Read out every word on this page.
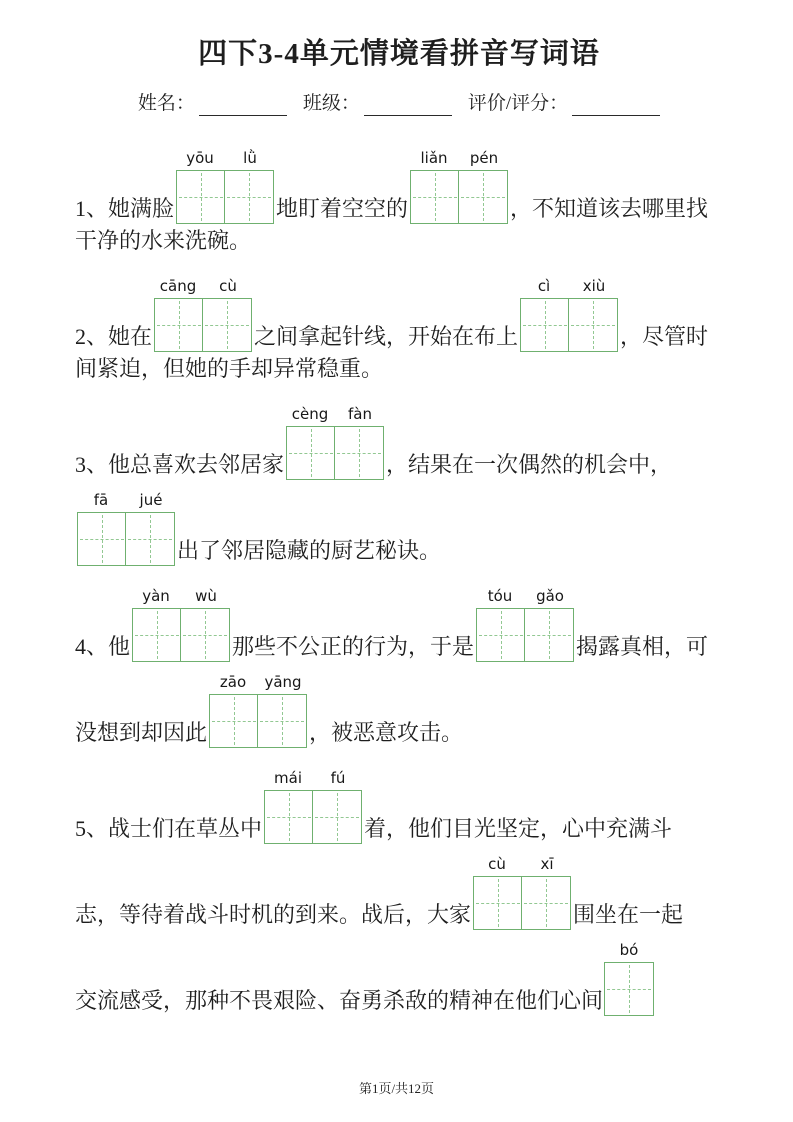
四下3-4单元情境看拼音写词语
姓名：	班级：	评价/评分：
1、她满脸
yōu	lǜ
地盯着空空的
liǎn	pén
，不知道该去哪里找
干净的水来洗碗。
2、她在
cāng	cù
之间拿起针线，开始在布上
cì	xiù
，尽管时
间紧迫，但她的手却异常稳重。
3、他总喜欢去邻居家
cèng	fàn
，结果在一次偶然的机会中，
fā	jué
出了邻居隐藏的厨艺秘诀。
4、他
yàn	wù
那些不公正的行为，于是
tóu	gǎo
揭露真相，可
没想到却因此
zāo	yāng
，被恶意攻击。
5、战士们在草丛中
mái	fú
着，他们目光坚定，心中充满斗
志，等待着战斗时机的到来。战后，大家
cù	xī
围坐在一起
交流感受，那种不畏艰险、奋勇杀敌的精神在他们心间
bó
第1页/共12页
